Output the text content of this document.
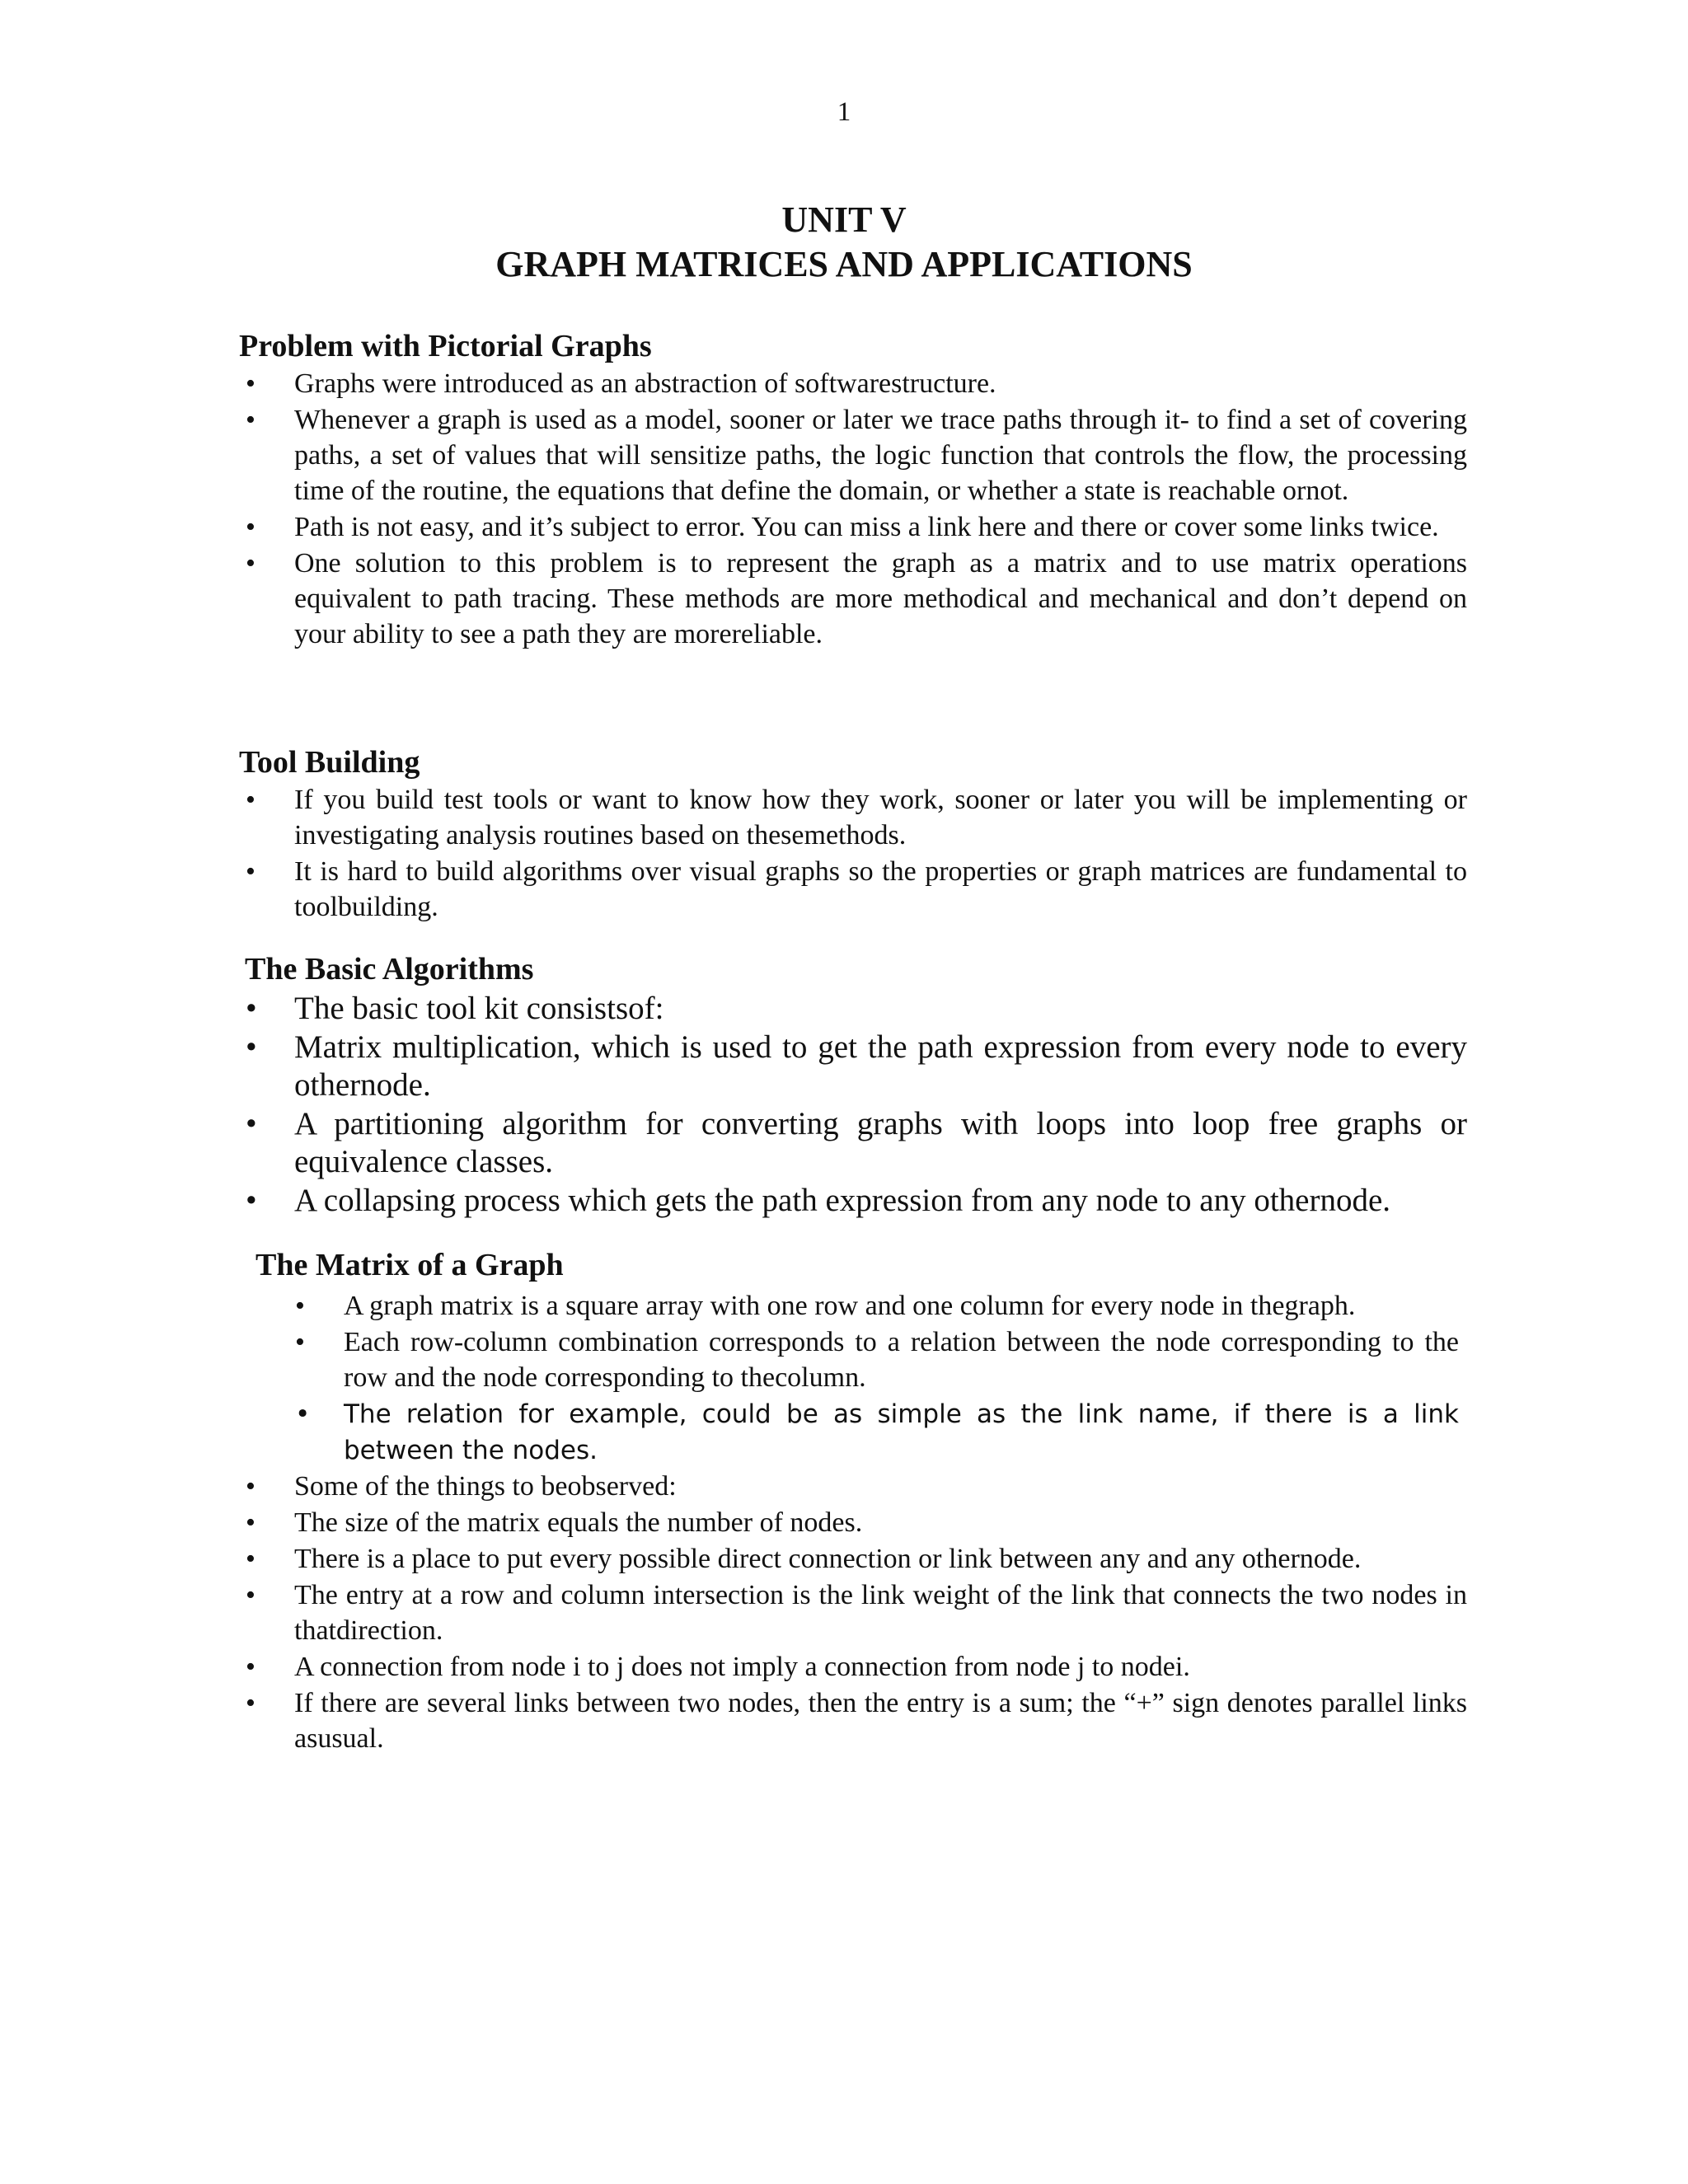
1
UNIT V
GRAPH MATRICES AND APPLICATIONS
Problem with Pictorial Graphs
• Graphs were introduced as an abstraction of softwarestructure.
• Whenever a graph is used as a model, sooner or later we trace paths through it- to find a set of covering paths, a set of values that will sensitize paths, the logic function that controls the flow, the processing time of the routine, the equations that define the domain, or whether a state is reachable ornot.
• Path is not easy, and it’s subject to error. You can miss a link here and there or cover some links twice.
• One solution to this problem is to represent the graph as a matrix and to use matrix operations equivalent to path tracing. These methods are more methodical and mechanical and don’t depend on your ability to see a path they are morereliable.
Tool Building
• If you build test tools or want to know how they work, sooner or later you will be implementing or investigating analysis routines based on thesemethods.
• It is hard to build algorithms over visual graphs so the properties or graph matrices are fundamental to toolbuilding.
The Basic Algorithms
• The basic tool kit consistsof:
• Matrix multiplication, which is used to get the path expression from every node to every othernode.
• A partitioning algorithm for converting graphs with loops into loop free graphs or equivalence classes.
• A collapsing process which gets the path expression from any node to any othernode.
The Matrix of a Graph
• A graph matrix is a square array with one row and one column for every node in thegraph.
• Each row-column combination corresponds to a relation between the node corresponding to the row and the node corresponding to thecolumn.
• The relation for example, could be as simple as the link name, if there is a link between the nodes.
• Some of the things to beobserved:
• The size of the matrix equals the number of nodes.
• There is a place to put every possible direct connection or link between any and any othernode.
• The entry at a row and column intersection is the link weight of the link that connects the two nodes in thatdirection.
• A connection from node i to j does not imply a connection from node j to nodei.
• If there are several links between two nodes, then the entry is a sum; the “+” sign denotes parallel links asusual.
